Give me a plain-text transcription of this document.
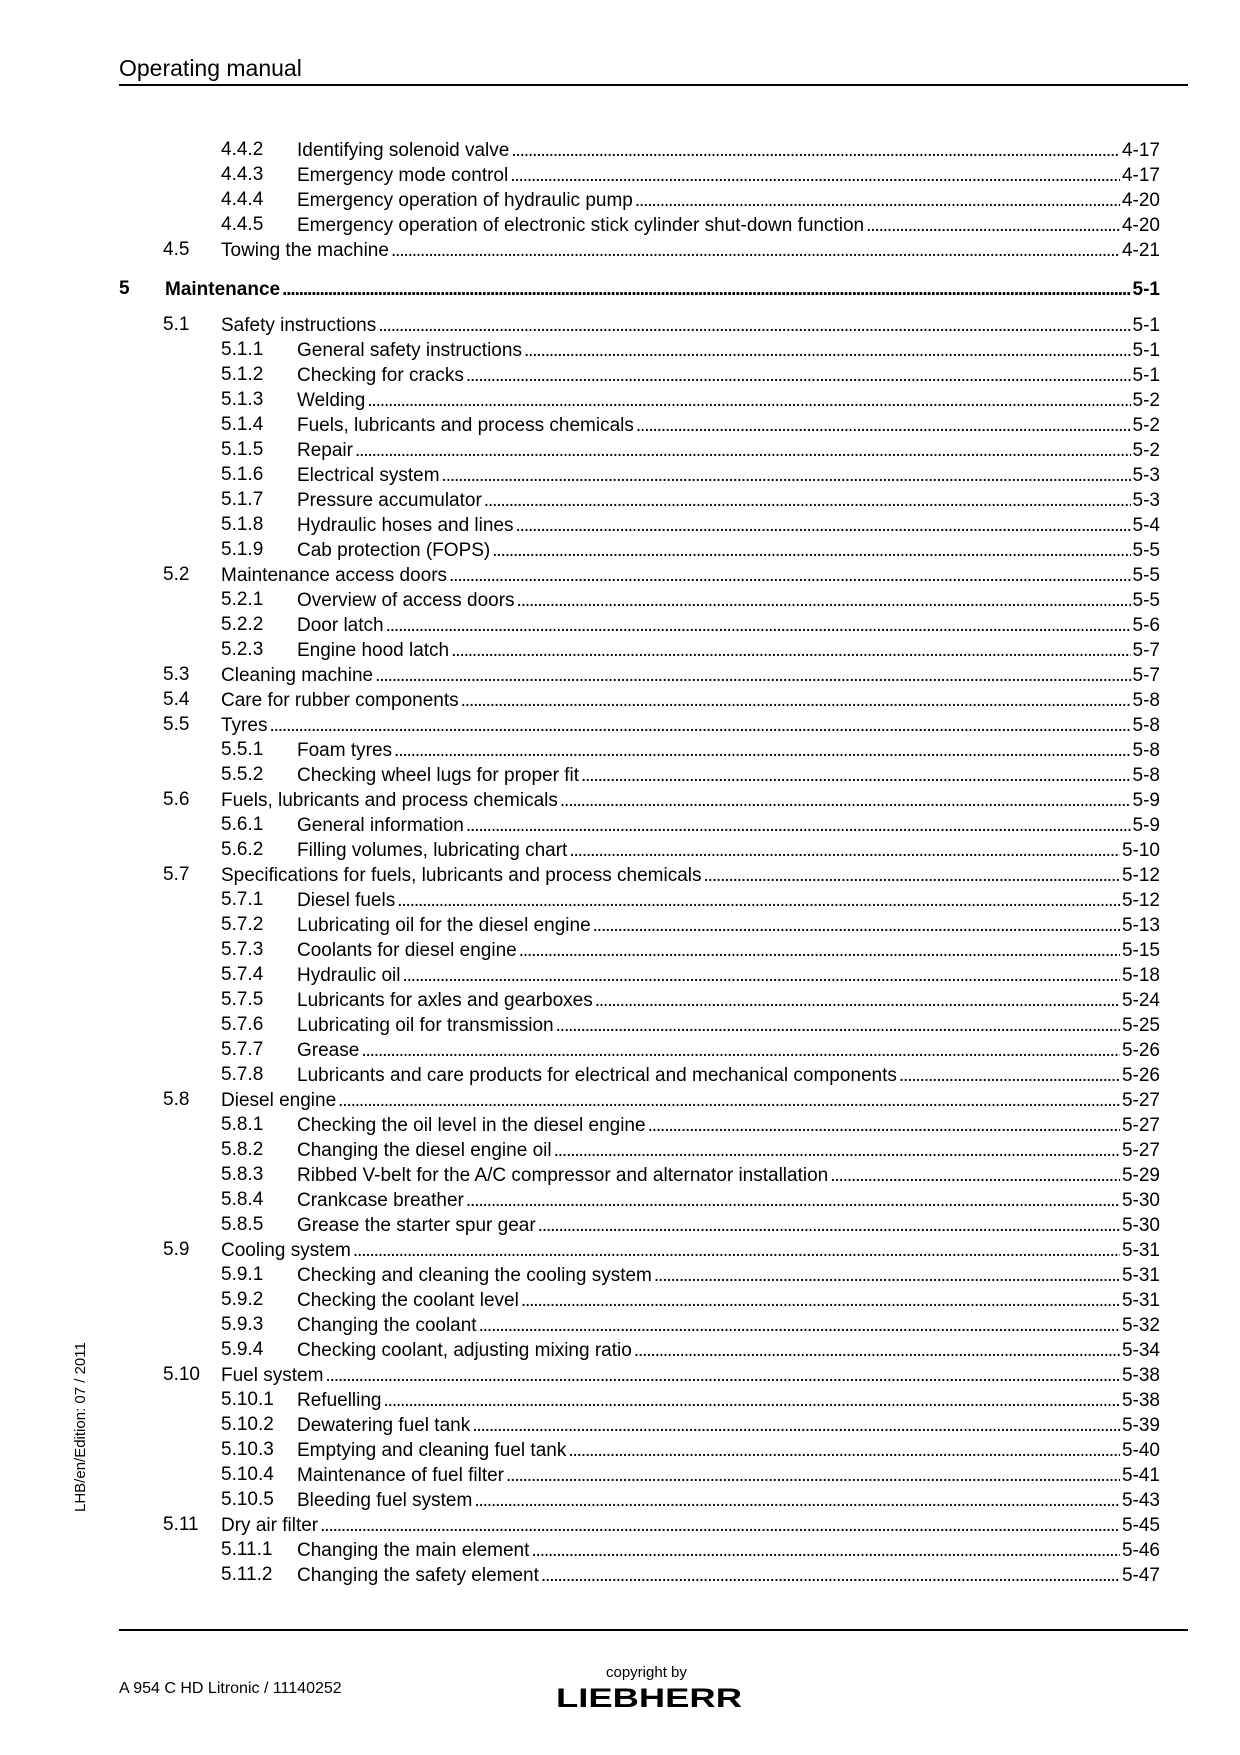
Operating manual
4.4.2 Identifying solenoid valve . . .	4-17
4.4.3 Emergency mode control . . .	4-17
4.4.4 Emergency operation of hydraulic pump . . .	4-20
4.4.5 Emergency operation of electronic stick cylinder shut-down function . . .	4-20
4.5 Towing the machine . . .	4-21
5 Maintenance . . .	5-1
5.1 Safety instructions . . .	5-1
5.1.1 General safety instructions . . .	5-1
5.1.2 Checking for cracks . . .	5-1
5.1.3 Welding . . .	5-2
5.1.4 Fuels, lubricants and process chemicals . . .	5-2
5.1.5 Repair . . .	5-2
5.1.6 Electrical system . . .	5-3
5.1.7 Pressure accumulator . . .	5-3
5.1.8 Hydraulic hoses and lines . . .	5-4
5.1.9 Cab protection (FOPS) . . .	5-5
5.2 Maintenance access doors . . .	5-5
5.2.1 Overview of access doors . . .	5-5
5.2.2 Door latch . . .	5-6
5.2.3 Engine hood latch . . .	5-7
5.3 Cleaning machine . . .	5-7
5.4 Care for rubber components . . .	5-8
5.5 Tyres . . .	5-8
5.5.1 Foam tyres . . .	5-8
5.5.2 Checking wheel lugs for proper fit . . .	5-8
5.6 Fuels, lubricants and process chemicals . . .	5-9
5.6.1 General information . . .	5-9
5.6.2 Filling volumes, lubricating chart . . .	5-10
5.7 Specifications for fuels, lubricants and process chemicals . . .	5-12
5.7.1 Diesel fuels . . .	5-12
5.7.2 Lubricating oil for the diesel engine . . .	5-13
5.7.3 Coolants for diesel engine . . .	5-15
5.7.4 Hydraulic oil . . .	5-18
5.7.5 Lubricants for axles and gearboxes . . .	5-24
5.7.6 Lubricating oil for transmission . . .	5-25
5.7.7 Grease . . .	5-26
5.7.8 Lubricants and care products for electrical and mechanical components . . .	5-26
5.8 Diesel engine . . .	5-27
5.8.1 Checking the oil level in the diesel engine . . .	5-27
5.8.2 Changing the diesel engine oil . . .	5-27
5.8.3 Ribbed V-belt for the A/C compressor and alternator installation . . .	5-29
5.8.4 Crankcase breather . . .	5-30
5.8.5 Grease the starter spur gear . . .	5-30
5.9 Cooling system . . .	5-31
5.9.1 Checking and cleaning the cooling system . . .	5-31
5.9.2 Checking the coolant level . . .	5-31
5.9.3 Changing the coolant . . .	5-32
5.9.4 Checking coolant, adjusting mixing ratio . . .	5-34
5.10 Fuel system . . .	5-38
5.10.1 Refuelling . . .	5-38
5.10.2 Dewatering fuel tank . . .	5-39
5.10.3 Emptying and cleaning fuel tank . . .	5-40
5.10.4 Maintenance of fuel filter . . .	5-41
5.10.5 Bleeding fuel system . . .	5-43
5.11 Dry air filter . . .	5-45
5.11.1 Changing the main element . . .	5-46
5.11.2 Changing the safety element . . .	5-47
LHB/en/Edition: 07 / 2011
A 954 C HD Litronic / 11140252
copyright by
LIEBHERR
